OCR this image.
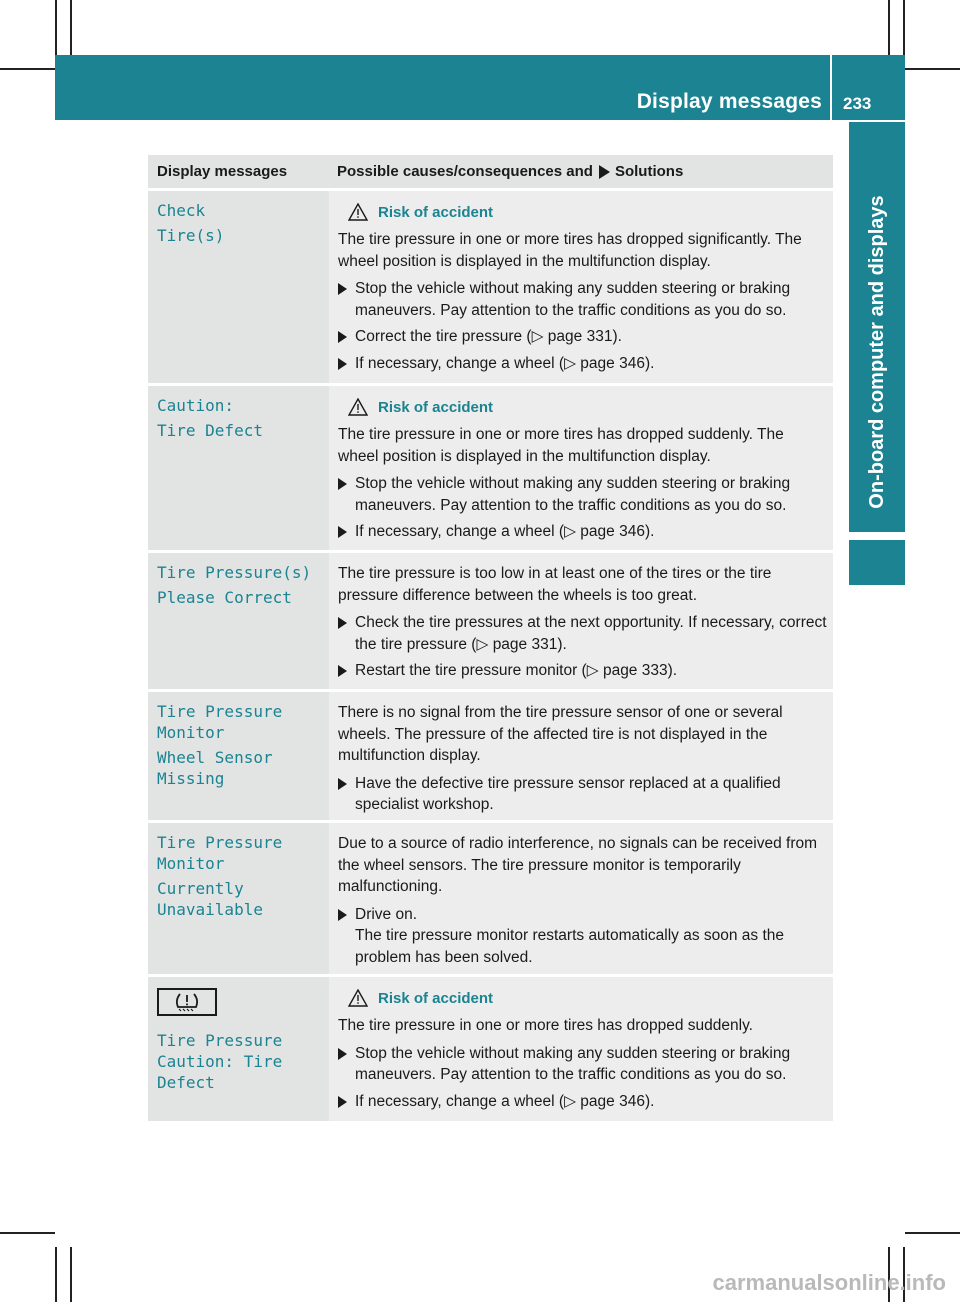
Display messages 233
On-board computer and displays
Display messages	Possible causes/consequences and Solutions
Check
Tire(s)
Risk of accident

The tire pressure in one or more tires has dropped significantly. The wheel position is displayed in the multifunction display.

Stop the vehicle without making any sudden steering or braking maneuvers. Pay attention to the traffic conditions as you do so.
Correct the tire pressure (▷ page 331).
If necessary, change a wheel (▷ page 346).
Caution:
Tire Defect
Risk of accident

The tire pressure in one or more tires has dropped suddenly. The wheel position is displayed in the multifunction display.

Stop the vehicle without making any sudden steering or braking maneuvers. Pay attention to the traffic conditions as you do so.
If necessary, change a wheel (▷ page 346).
Tire Pressure(s)
Please Correct

The tire pressure is too low in at least one of the tires or the tire pressure difference between the wheels is too great.

Check the tire pressures at the next opportunity. If necessary, correct the tire pressure (▷ page 331).
Restart the tire pressure monitor (▷ page 333).
Tire Pressure
Monitor
Wheel Sensor
Missing

There is no signal from the tire pressure sensor of one or several wheels. The pressure of the affected tire is not displayed in the multifunction display.

Have the defective tire pressure sensor replaced at a qualified specialist workshop.
Tire Pressure
Monitor
Currently
Unavailable

Due to a source of radio interference, no signals can be received from the wheel sensors. The tire pressure monitor is temporarily malfunctioning.

Drive on.
The tire pressure monitor restarts automatically as soon as the problem has been solved.
Tire Pressure
Caution: Tire
Defect
Risk of accident

The tire pressure in one or more tires has dropped suddenly.

Stop the vehicle without making any sudden steering or braking maneuvers. Pay attention to the traffic conditions as you do so.
If necessary, change a wheel (▷ page 346).
carmanualsonline.info
